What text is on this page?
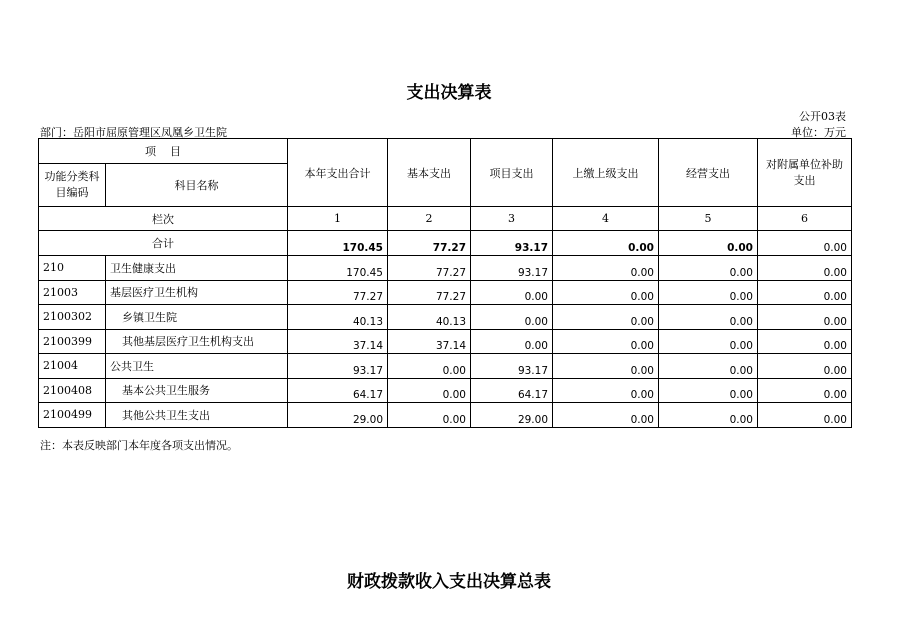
支出决算表
公开03表
部门：岳阳市屈原管理区凤凰乡卫生院	单位：万元
项    目		本年支出合计	基本支出	项目支出	上缴上级支出	经营支出	对附属单位补助支出
功能分类科目编码	科目名称						
栏次		1	2	3	4	5	6
合计		170.45	77.27	93.17	0.00	0.00	0.00
210	卫生健康支出	170.45	77.27	93.17	0.00	0.00	0.00
21003	基层医疗卫生机构	77.27	77.27	0.00	0.00	0.00	0.00
2100302	乡镇卫生院	40.13	40.13	0.00	0.00	0.00	0.00
2100399	其他基层医疗卫生机构支出	37.14	37.14	0.00	0.00	0.00	0.00
21004	公共卫生	93.17	0.00	93.17	0.00	0.00	0.00
2100408	基本公共卫生服务	64.17	0.00	64.17	0.00	0.00	0.00
2100499	其他公共卫生支出	29.00	0.00	29.00	0.00	0.00	0.00
注：本表反映部门本年度各项支出情况。
财政拨款收入支出决算总表
